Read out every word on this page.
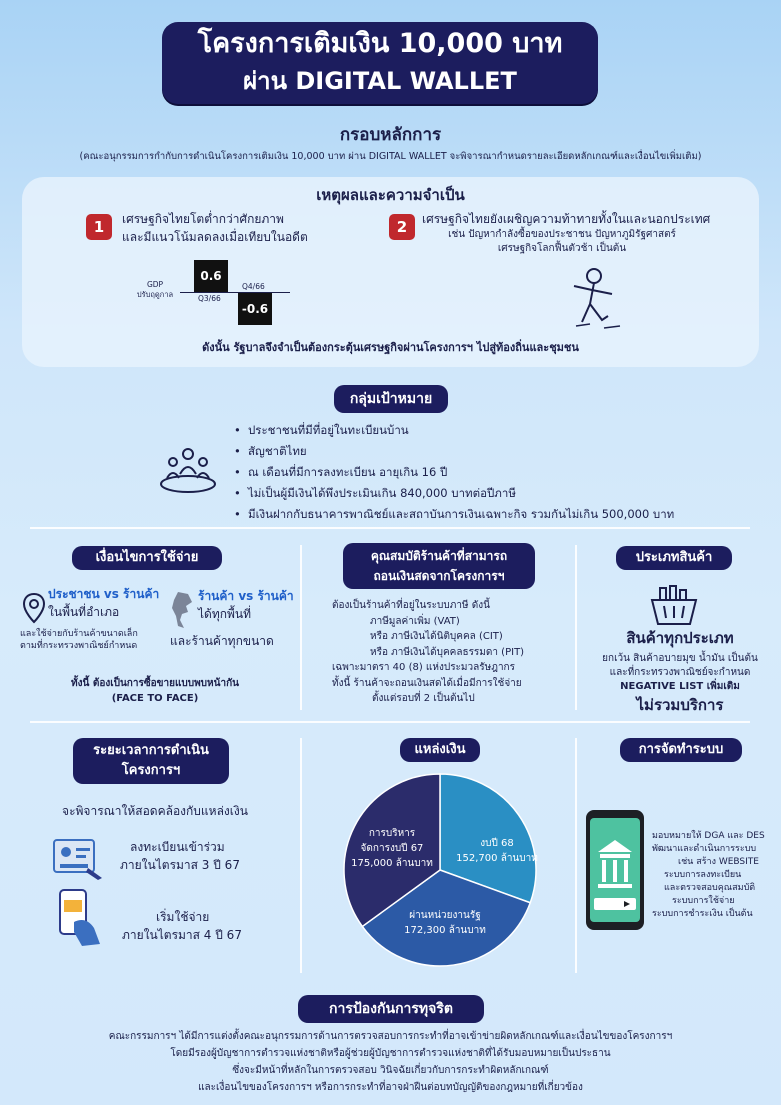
โครงการเติมเงิน 10,000 บาท
ผ่าน DIGITAL WALLET
กรอบหลักการ
(คณะอนุกรรมการกำกับการดำเนินโครงการเติมเงิน 10,000 บาท ผ่าน DIGITAL WALLET จะพิจารณากำหนดรายละเอียดหลักเกณฑ์และเงื่อนไขเพิ่มเติม)
เหตุผลและความจำเป็น
1	เศรษฐกิจไทยโตต่ำกว่าศักยภาพ
และมีแนวโน้มลดลงเมื่อเทียบในอดีต
2	เศรษฐกิจไทยยังเผชิญความท้าทายทั้งในและนอกประเทศ
เช่น ปัญหากำลังซื้อของประชาชน ปัญหาภูมิรัฐศาสตร์
เศรษฐกิจโลกฟื้นตัวช้า เป็นต้น
GDP
ปรับฤดูกาล
0.6
Q3/66
-0.6
Q4/66
ดังนั้น รัฐบาลจึงจำเป็นต้องกระตุ้นเศรษฐกิจผ่านโครงการฯ ไปสู่ท้องถิ่นและชุมชน
กลุ่มเป้าหมาย
• ประชาชนที่มีที่อยู่ในทะเบียนบ้าน
• สัญชาติไทย
• ณ เดือนที่มีการลงทะเบียน อายุเกิน 16 ปี
• ไม่เป็นผู้มีเงินได้พึงประเมินเกิน 840,000 บาทต่อปีภาษี
• มีเงินฝากกับธนาคารพาณิชย์และสถาบันการเงินเฉพาะกิจ รวมกันไม่เกิน 500,000 บาท
เงื่อนไขการใช้จ่าย
ประชาชน vs ร้านค้า
ในพื้นที่อำเภอ
และใช้จ่ายกับร้านค้าขนาดเล็ก
ตามที่กระทรวงพาณิชย์กำหนด
ร้านค้า vs ร้านค้า
ได้ทุกพื้นที่
และร้านค้าทุกขนาด
ทั้งนี้ ต้องเป็นการซื้อขายแบบพบหน้ากัน
(FACE TO FACE)
คุณสมบัติร้านค้าที่สามารถ
ถอนเงินสดจากโครงการฯ
ต้องเป็นร้านค้าที่อยู่ในระบบภาษี ดังนี้
ภาษีมูลค่าเพิ่ม (VAT)
หรือ ภาษีเงินได้นิติบุคคล (CIT)
หรือ ภาษีเงินได้บุคคลธรรมดา (PIT)
เฉพาะมาตรา 40 (8) แห่งประมวลรัษฎากร
ทั้งนี้ ร้านค้าจะถอนเงินสดได้เมื่อมีการใช้จ่าย
ตั้งแต่รอบที่ 2 เป็นต้นไป
ประเภทสินค้า
สินค้าทุกประเภท
ยกเว้น สินค้าอบายมุข น้ำมัน เป็นต้น
และที่กระทรวงพาณิชย์จะกำหนด
NEGATIVE LIST เพิ่มเติม
ไม่รวมบริการ
ระยะเวลาการดำเนิน
โครงการฯ
จะพิจารณาให้สอดคล้องกับแหล่งเงิน
ลงทะเบียนเข้าร่วม
ภายในไตรมาส 3 ปี 67
เริ่มใช้จ่าย
ภายในไตรมาส 4 ปี 67
แหล่งเงิน
งบปี 68
152,700 ล้านบาท
ผ่านหน่วยงานรัฐ
172,300 ล้านบาท
การบริหาร
จัดการงบปี 67
175,000 ล้านบาท
การจัดทำระบบ
มอบหมายให้ DGA และ DES
พัฒนาและดำเนินการระบบ
เช่น สร้าง WEBSITE
ระบบการลงทะเบียน
และตรวจสอบคุณสมบัติ
ระบบการใช้จ่าย
ระบบการชำระเงิน เป็นต้น
การป้องกันการทุจริต
คณะกรรมการฯ ได้มีการแต่งตั้งคณะอนุกรรมการด้านการตรวจสอบการกระทำที่อาจเข้าข่ายผิดหลักเกณฑ์และเงื่อนไขของโครงการฯ
โดยมีรองผู้บัญชาการตำรวจแห่งชาติหรือผู้ช่วยผู้บัญชาการตำรวจแห่งชาติที่ได้รับมอบหมายเป็นประธาน
ซึ่งจะมีหน้าที่หลักในการตรวจสอบ วินิจฉัยเกี่ยวกับการกระทำผิดหลักเกณฑ์
และเงื่อนไขของโครงการฯ หรือการกระทำที่อาจฝ่าฝืนต่อบทบัญญัติของกฎหมายที่เกี่ยวข้อง
